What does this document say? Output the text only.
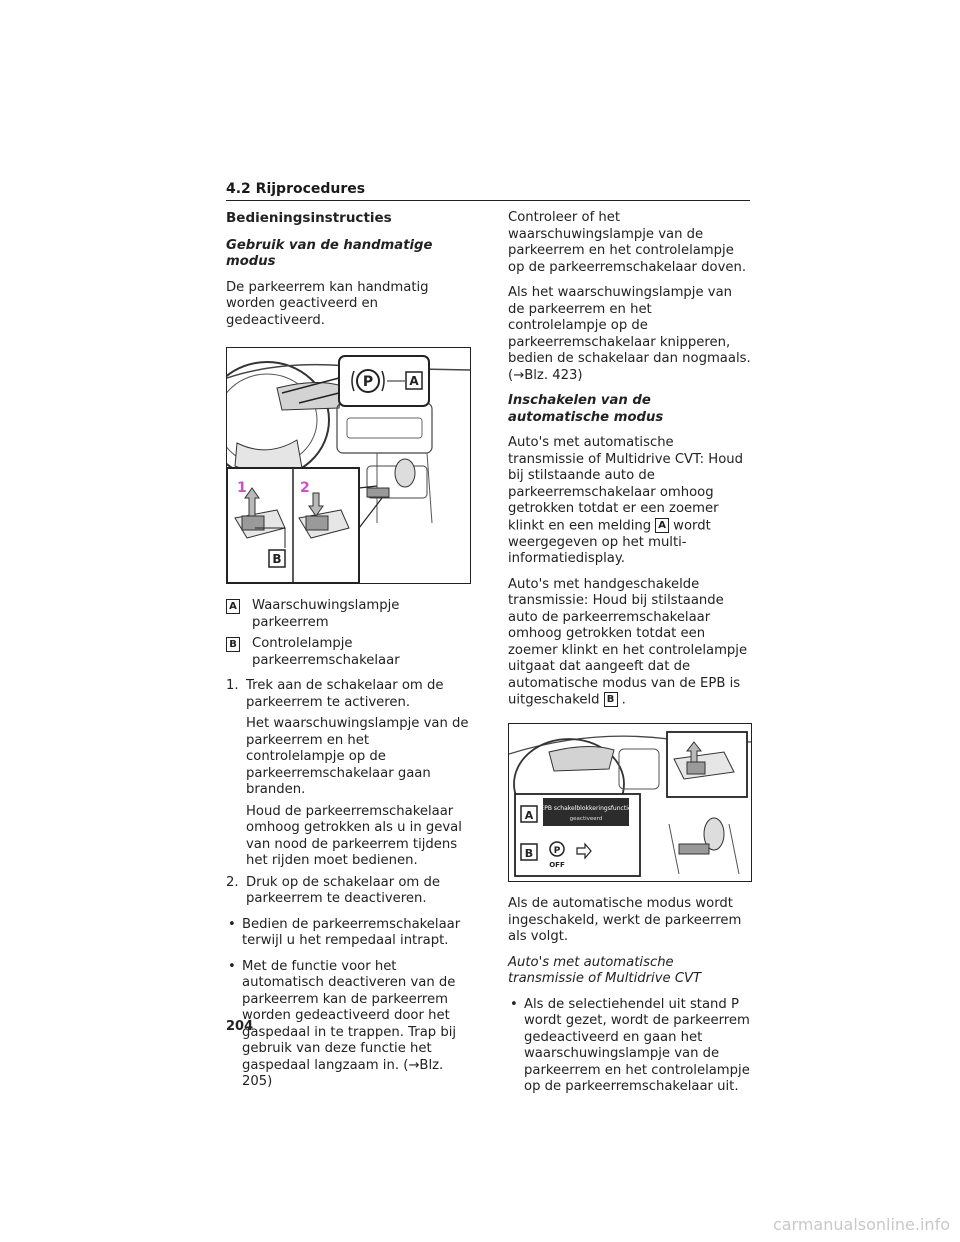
4.2 Rijprocedures
Bedieningsinstructies

Gebruik van de handmatige modus

De parkeerrem kan handmatig worden geactiveerd en gedeactiveerd.

P	A
1	2
B
A Waarschuwingslampje parkeerrem
B Controlelampje parkeerremschakelaar
1. Trek aan de schakelaar om de parkeerrem te activeren.

Het waarschuwingslampje van de parkeerrem en het controlelampje op de parkeerremschakelaar gaan branden.

Houd de parkeerremschakelaar omhoog getrokken als u in geval van nood de parkeerrem tijdens het rijden moet bedienen.

2. Druk op de schakelaar om de parkeerrem te deactiveren.
• Bedien de parkeerremschakelaar terwijl u het rempedaal intrapt.
• Met de functie voor het automatisch deactiveren van de parkeerrem kan de parkeerrem worden gedeactiveerd door het gaspedaal in te trappen. Trap bij gebruik van deze functie het gaspedaal langzaam in. (→Blz. 205)

Controleer of het waarschuwingslampje van de parkeerrem en het controlelampje op de parkeerremschakelaar doven.

Als het waarschuwingslampje van de parkeerrem en het controlelampje op de parkeerremschakelaar knipperen, bedien de schakelaar dan nogmaals. (→Blz. 423)

Inschakelen van de automatische modus

Auto's met automatische transmissie of Multidrive CVT: Houd bij stilstaande auto de parkeerremschakelaar omhoog getrokken totdat er een zoemer klinkt en een melding A wordt weergegeven op het multi-informatiedisplay.

Auto's met handgeschakelde transmissie: Houd bij stilstaande auto de parkeerremschakelaar omhoog getrokken totdat een zoemer klinkt en het controlelampje uitgaat dat aangeeft dat de automatische modus van de EPB is uitgeschakeld B .

A
EPB schakelblokkeringsfunctie
geactiveerd
B P
OFF

Als de automatische modus wordt ingeschakeld, werkt de parkeerrem als volgt.

Auto's met automatische transmissie of Multidrive CVT

• Als de selectiehendel uit stand P wordt gezet, wordt de parkeerrem gedeactiveerd en gaan het waarschuwingslampje van de parkeerrem en het controlelampje op de parkeerremschakelaar uit.
204
carmanualsonline.info
